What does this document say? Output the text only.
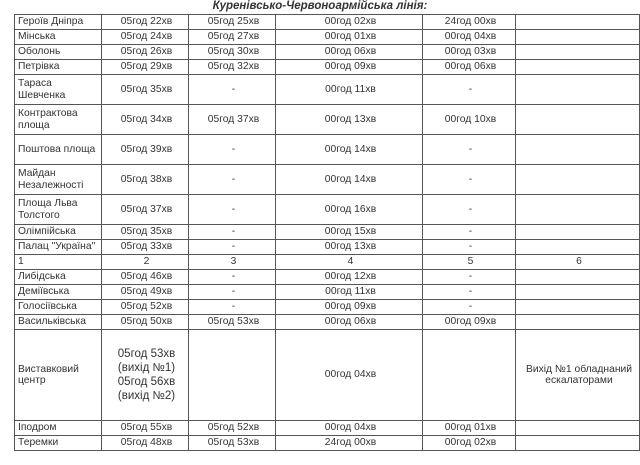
Куренівсько-Червоноармійська лінія:
Героїв Дніпра	05год 22хв	05год 25хв	00год 02хв	24год 00хв	
Мінська	05год 24хв	05год 27хв	00год 01хв	00год 04хв	
Оболонь	05год 26хв	05год 30хв	00год 06хв	00год 03хв	
Петрівка	05год 29хв	05год 32хв	00год 09хв	00год 06хв	
Тараса Шевченка	05год 35хв	-	00год 11хв	-	
Контрактова площа	05год 34хв	05год 37хв	00год 13хв	00год 10хв	
Поштова площа	05год 39хв	-	00год 14хв	-	
Майдан Незалежності	05год 38хв	-	00год 14хв	-	
Площа Льва Толстого	05год 37хв	-	00год 16хв	-	
Олімпійська	05год 35хв	-	00год 15хв	-	
Палац "Україна"	05год 33хв	-	00год 13хв	-	
1	2	3	4	5	6
Либідська	05год 46хв	-	00год 12хв	-	
Деміївська	05год 49хв	-	00год 11хв	-	
Голосіївська	05год 52хв	-	00год 09хв	-	
Васильківська	05год 50хв	05год 53хв	00год 06хв	00год 09хв	
Виставковий центр	05год 53хв (вихід №1) 05год 56хв (вихід №2)		00год 04хв		Вихід №1 обладнаний ескалаторами
Іподром	05год 55хв	05год 52хв	00год 04хв	00год 01хв	
Теремки	05год 48хв	05год 53хв	24год 00хв	00год 02хв	
